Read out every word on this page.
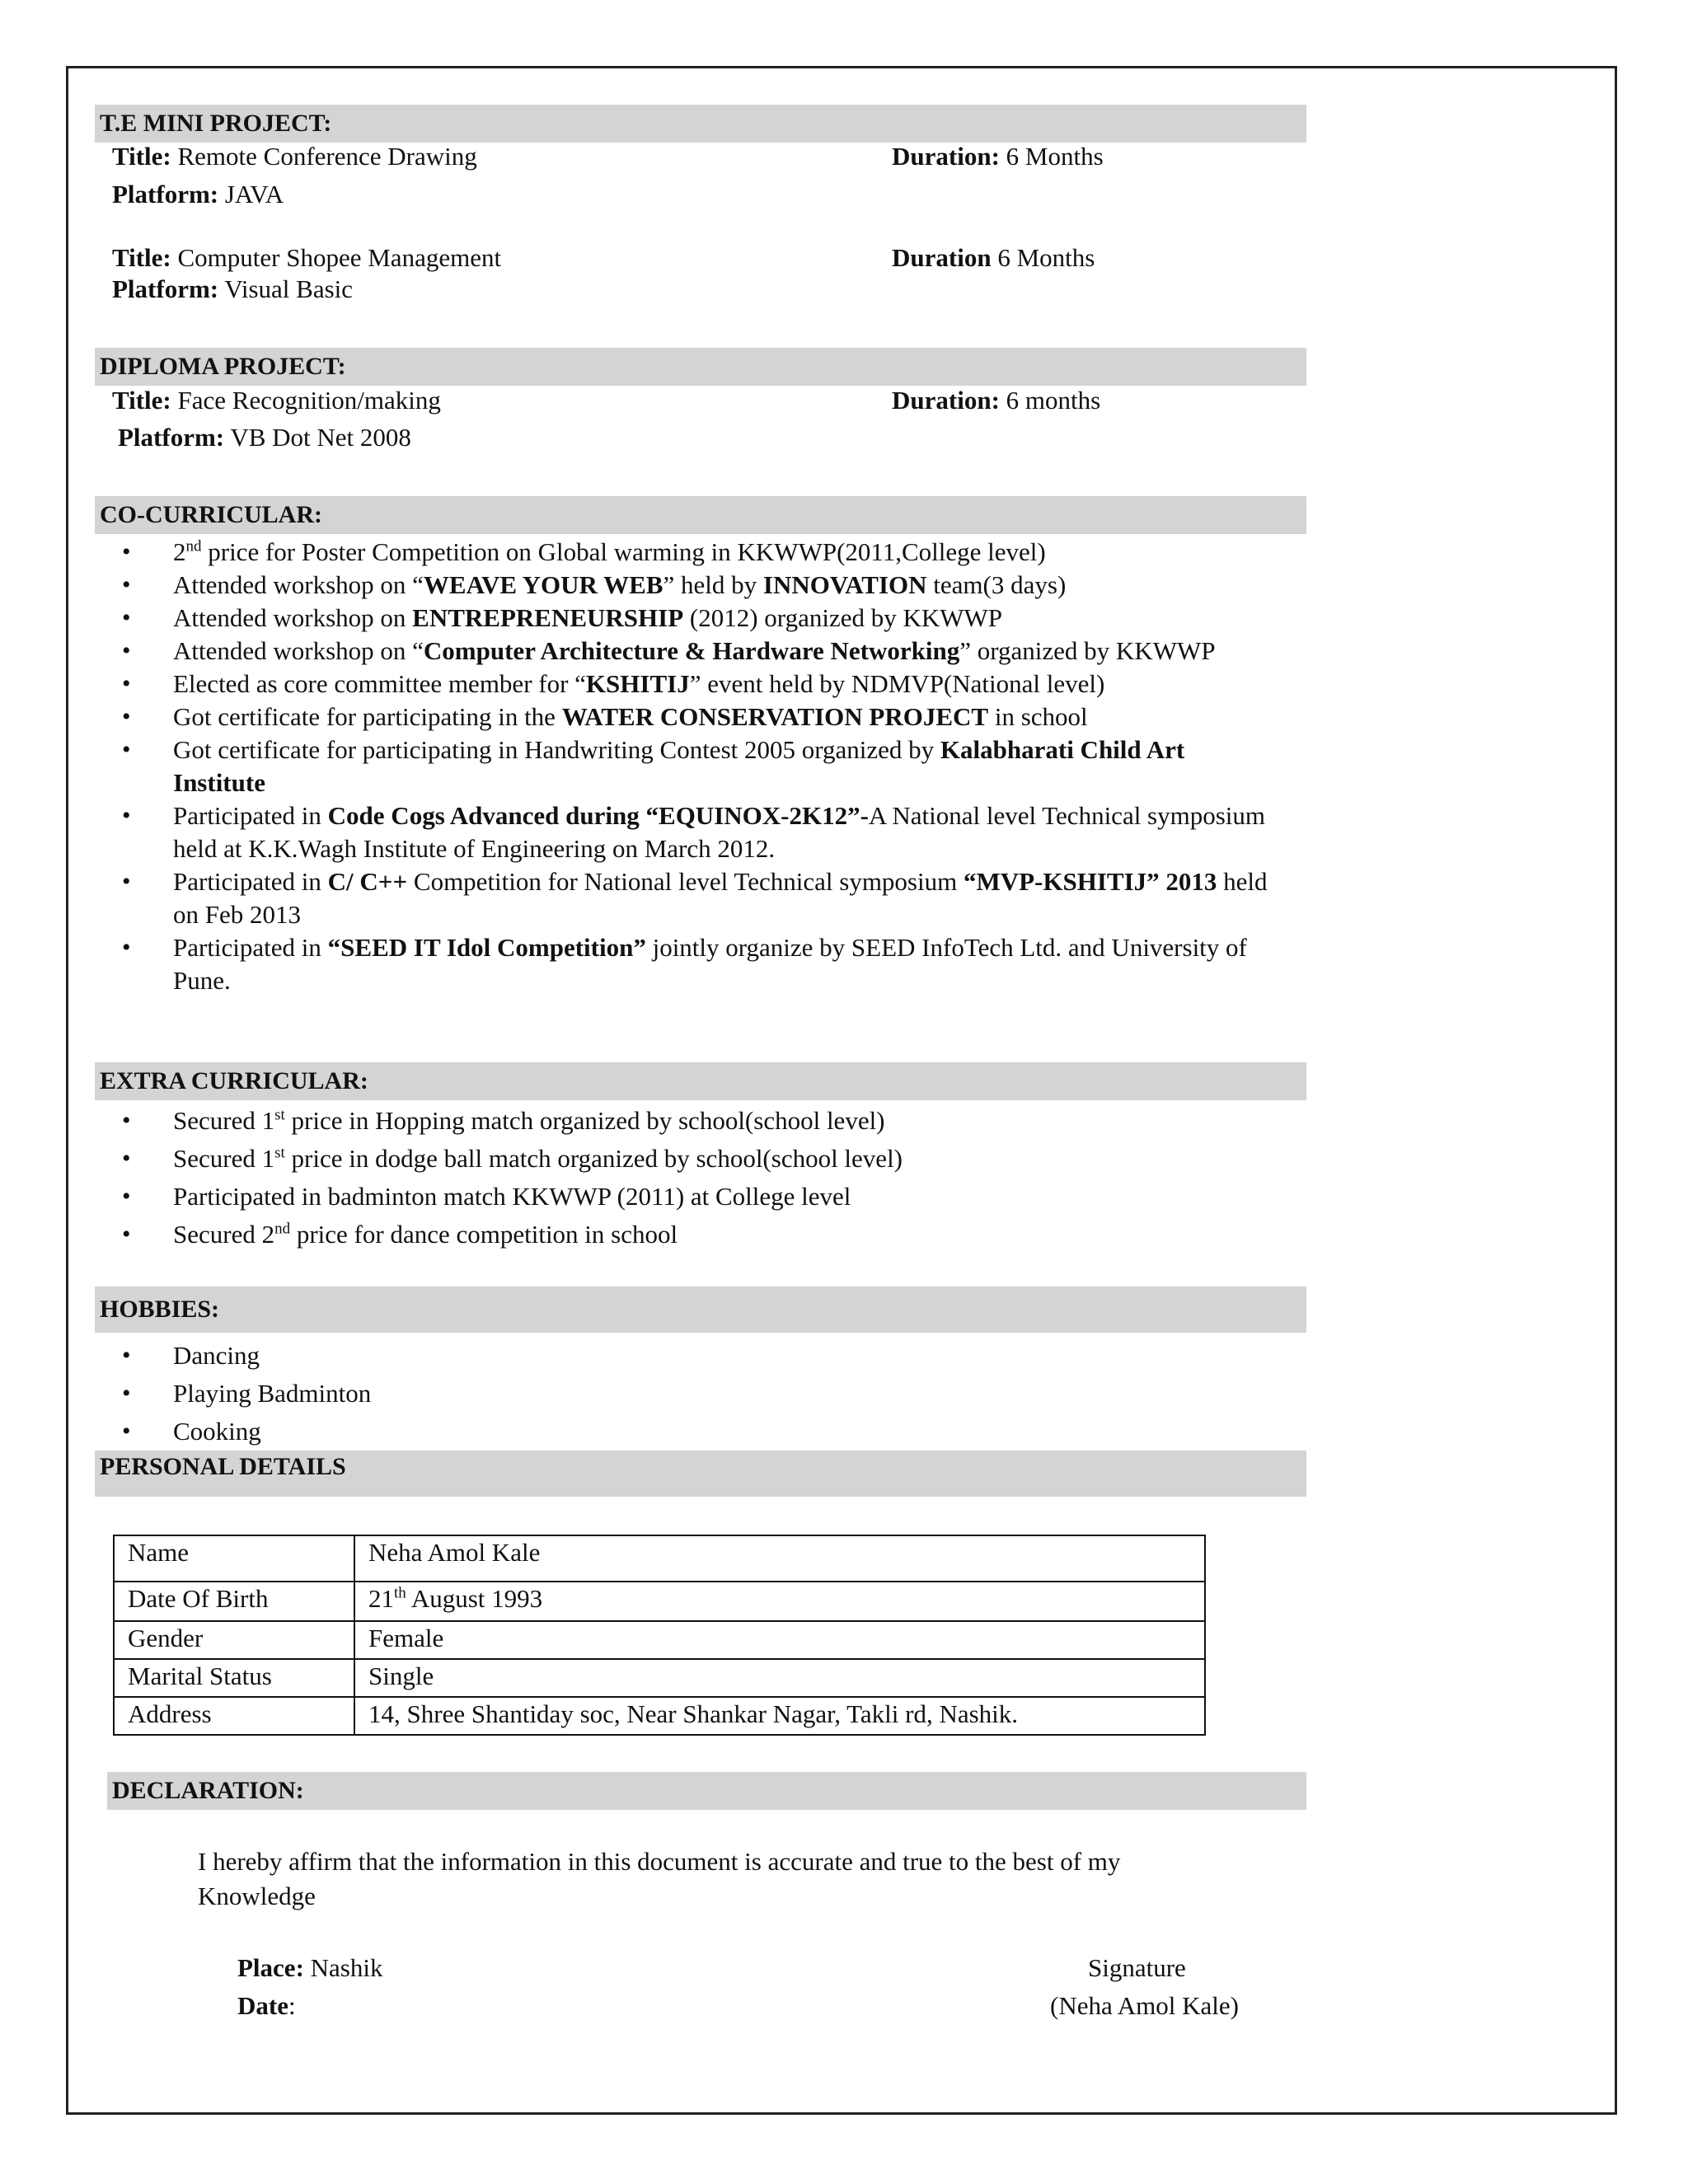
T.E MINI PROJECT:
Title: Remote Conference Drawing	Duration: 6 Months
Platform: JAVA
Title: Computer Shopee Management	Duration 6 Months
Platform: Visual Basic
DIPLOMA PROJECT:
Title: Face Recognition/making	Duration: 6 months
Platform: VB Dot Net 2008
CO-CURRICULAR:
• 2nd price for Poster Competition on Global warming in KKWWP(2011,College level)
• Attended workshop on “WEAVE YOUR WEB” held by INNOVATION team(3 days)
• Attended workshop on ENTREPRENEURSHIP (2012) organized by KKWWP
• Attended workshop on “Computer Architecture & Hardware Networking” organized by KKWWP
• Elected as core committee member for “KSHITIJ” event held by NDMVP(National level)
• Got certificate for participating in the WATER CONSERVATION PROJECT in school
• Got certificate for participating in Handwriting Contest 2005 organized by Kalabharati Child Art Institute
• Participated in Code Cogs Advanced during “EQUINOX-2K12”-A National level Technical symposium held at K.K.Wagh Institute of Engineering on March 2012.
• Participated in C/ C++ Competition for National level Technical symposium “MVP-KSHITIJ” 2013 held on Feb 2013
• Participated in “SEED IT Idol Competition” jointly organize by SEED InfoTech Ltd. and University of Pune.
EXTRA CURRICULAR:
• Secured 1st price in Hopping match organized by school(school level)
• Secured 1st price in dodge ball match organized by school(school level)
• Participated in badminton match KKWWP (2011) at College level
• Secured 2nd price for dance competition in school
HOBBIES:
• Dancing
• Playing Badminton
• Cooking
PERSONAL DETAILS
Name	Neha Amol Kale
Date Of Birth	21th August 1993
Gender	Female
Marital Status	Single
Address	14, Shree Shantiday soc, Near Shankar Nagar, Takli rd, Nashik.
DECLARATION:
I hereby affirm that the information in this document is accurate and true to the best of my Knowledge
Place: Nashik
Date:
Signature
(Neha Amol Kale)
